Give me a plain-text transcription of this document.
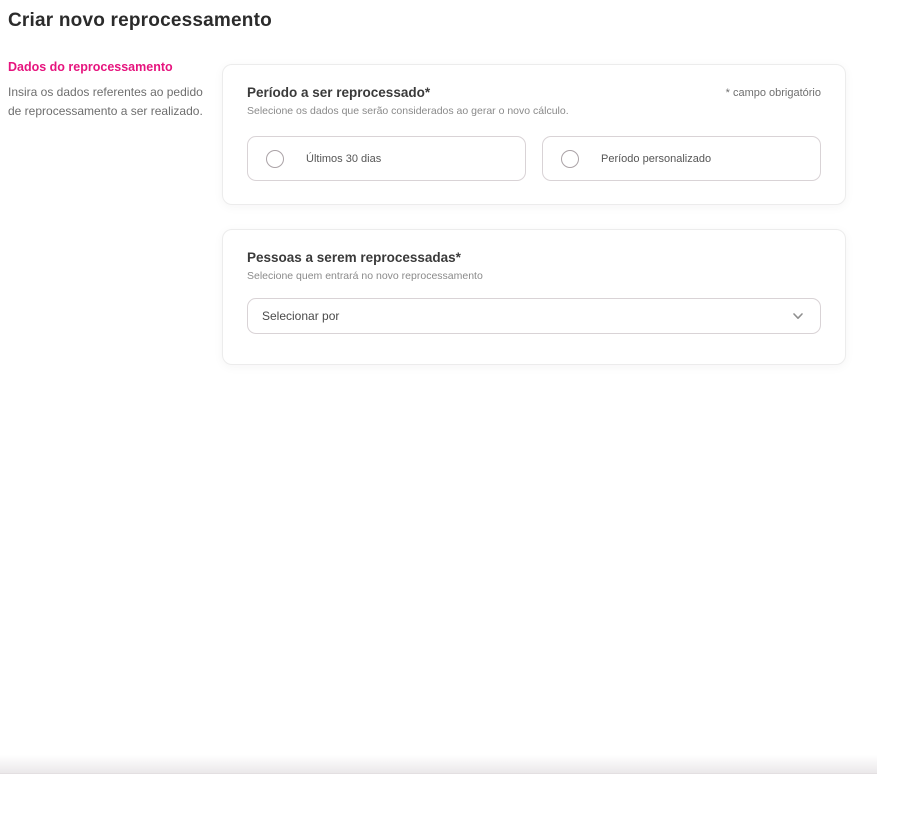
Criar novo reprocessamento

Dados do reprocessamento

Insira os dados referentes ao pedido de reprocessamento a ser realizado.

Período a ser reprocessado*	* campo obrigatório
Selecione os dados que serão considerados ao gerar o novo cálculo.
Últimos 30 dias	Período personalizado
Pessoas a serem reprocessadas*
Selecione quem entrará no novo reprocessamento
Selecionar por
